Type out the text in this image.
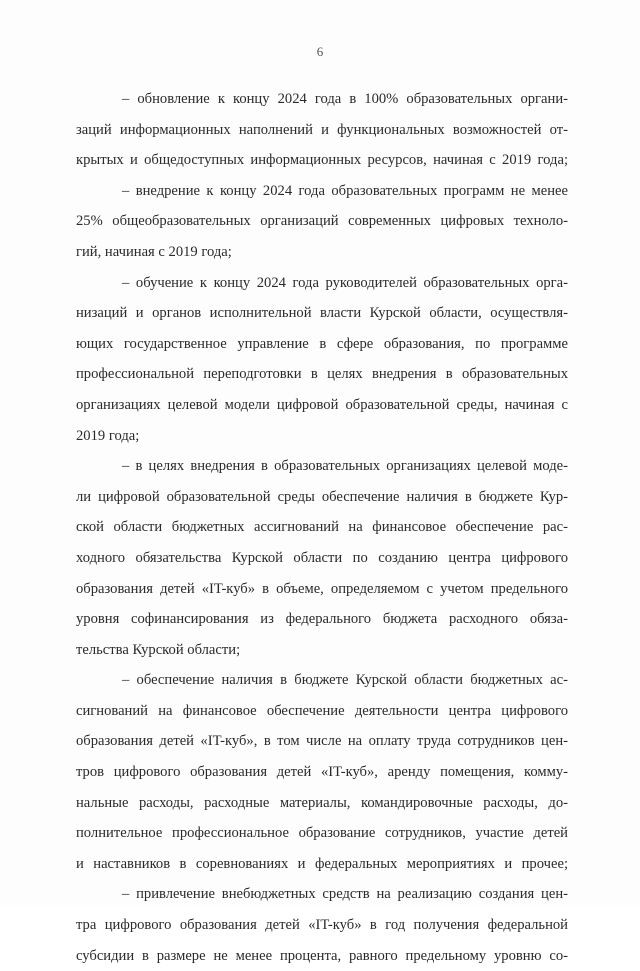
6
– обновление к концу 2024 года в 100% образовательных органи-
заций информационных наполнений и функциональных возможностей от-
крытых и общедоступных информационных ресурсов, начиная с 2019 года;
– внедрение к концу 2024 года образовательных программ не менее
25% общеобразовательных организаций современных цифровых техноло-
гий, начиная с 2019 года;
– обучение к концу 2024 года руководителей образовательных орга-
низаций и органов исполнительной власти Курской области, осуществля-
ющих государственное управление в сфере образования, по программе
профессиональной переподготовки в целях внедрения в образовательных
организациях целевой модели цифровой образовательной среды, начиная с
2019 года;
– в целях внедрения в образовательных организациях целевой моде-
ли цифровой образовательной среды обеспечение наличия в бюджете Кур-
ской области бюджетных ассигнований на финансовое обеспечение рас-
ходного обязательства Курской области по созданию центра цифрового
образования детей «IT-куб» в объеме, определяемом с учетом предельного
уровня софинансирования из федерального бюджета расходного обяза-
тельства Курской области;
– обеспечение наличия в бюджете Курской области бюджетных ас-
сигнований на финансовое обеспечение деятельности центра цифрового
образования детей «IT-куб», в том числе на оплату труда сотрудников цен-
тров цифрового образования детей «IT-куб», аренду помещения, комму-
нальные расходы, расходные материалы, командировочные расходы, до-
полнительное профессиональное образование сотрудников, участие детей
и наставников в соревнованиях и федеральных мероприятиях и прочее;
– привлечение внебюджетных средств на реализацию создания цен-
тра цифрового образования детей «IT-куб» в год получения федеральной
субсидии в размере не менее процента, равного предельному уровню со-
